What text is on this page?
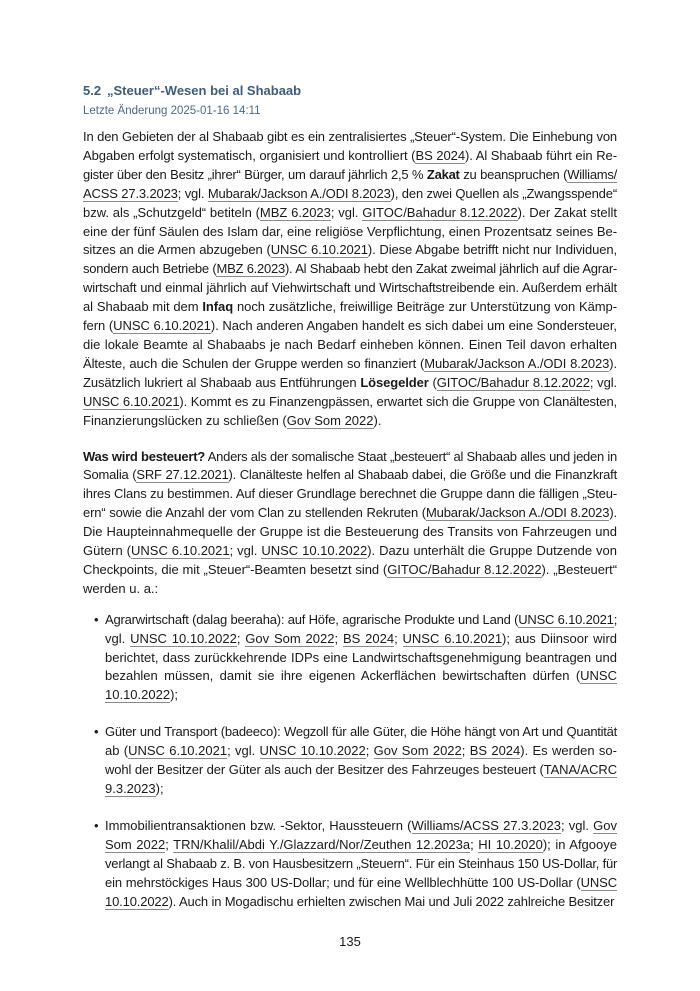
5.2 „Steuer“-Wesen bei al Shabaab
Letzte Änderung 2025-01-16 14:11
In den Gebieten der al Shabaab gibt es ein zentralisiertes „Steuer“-System. Die Einhebung von
Abgaben erfolgt systematisch, organisiert und kontrolliert (BS 2024). Al Shabaab führt ein Re-
gister über den Besitz „ihrer“ Bürger, um darauf jährlich 2,5 % Zakat zu beanspruchen (Williams/
ACSS 27.3.2023; vgl. Mubarak/Jackson A./ODI 8.2023), den zwei Quellen als „Zwangsspende“
bzw. als „Schutzgeld“ betiteln (MBZ 6.2023; vgl. GITOC/Bahadur 8.12.2022). Der Zakat stellt
eine der fünf Säulen des Islam dar, eine religiöse Verpflichtung, einen Prozentsatz seines Be-
sitzes an die Armen abzugeben (UNSC 6.10.2021). Diese Abgabe betrifft nicht nur Individuen,
sondern auch Betriebe (MBZ 6.2023). Al Shabaab hebt den Zakat zweimal jährlich auf die Agrar-
wirtschaft und einmal jährlich auf Viehwirtschaft und Wirtschaftstreibende ein. Außerdem erhält
al Shabaab mit dem Infaq noch zusätzliche, freiwillige Beiträge zur Unterstützung von Kämp-
fern (UNSC 6.10.2021). Nach anderen Angaben handelt es sich dabei um eine Sondersteuer,
die lokale Beamte al Shabaabs je nach Bedarf einheben können. Einen Teil davon erhalten
Älteste, auch die Schulen der Gruppe werden so finanziert (Mubarak/Jackson A./ODI 8.2023).
Zusätzlich lukriert al Shabaab aus Entführungen Lösegelder (GITOC/Bahadur 8.12.2022; vgl.
UNSC 6.10.2021). Kommt es zu Finanzengpässen, erwartet sich die Gruppe von Clanältesten,
Finanzierungslücken zu schließen (Gov Som 2022).
Was wird besteuert? Anders als der somalische Staat „besteuert“ al Shabaab alles und jeden in
Somalia (SRF 27.12.2021). Clanälteste helfen al Shabaab dabei, die Größe und die Finanzkraft
ihres Clans zu bestimmen. Auf dieser Grundlage berechnet die Gruppe dann die fälligen „Steu-
ern“ sowie die Anzahl der vom Clan zu stellenden Rekruten (Mubarak/Jackson A./ODI 8.2023).
Die Haupteinnahmequelle der Gruppe ist die Besteuerung des Transits von Fahrzeugen und
Gütern (UNSC 6.10.2021; vgl. UNSC 10.10.2022). Dazu unterhält die Gruppe Dutzende von
Checkpoints, die mit „Steuer“-Beamten besetzt sind (GITOC/Bahadur 8.12.2022). „Besteuert“
werden u. a.:
• Agrarwirtschaft (dalag beeraha): auf Höfe, agrarische Produkte und Land (UNSC 6.10.2021;
vgl. UNSC 10.10.2022; Gov Som 2022; BS 2024; UNSC 6.10.2021); aus Diinsoor wird
berichtet, dass zurückkehrende IDPs eine Landwirtschaftsgenehmigung beantragen und
bezahlen müssen, damit sie ihre eigenen Ackerflächen bewirtschaften dürfen (UNSC
10.10.2022);
• Güter und Transport (badeeco): Wegzoll für alle Güter, die Höhe hängt von Art und Quantität
ab (UNSC 6.10.2021; vgl. UNSC 10.10.2022; Gov Som 2022; BS 2024). Es werden so-
wohl der Besitzer der Güter als auch der Besitzer des Fahrzeuges besteuert (TANA/ACRC
9.3.2023);
• Immobilientransaktionen bzw. -Sektor, Haussteuern (Williams/ACSS 27.3.2023; vgl. Gov
Som 2022; TRN/Khalil/Abdi Y./Glazzard/Nor/Zeuthen 12.2023a; HI 10.2020); in Afgooye
verlangt al Shabaab z. B. von Hausbesitzern „Steuern“. Für ein Steinhaus 150 US-Dollar, für
ein mehrstöckiges Haus 300 US-Dollar; und für eine Wellblechhütte 100 US-Dollar (UNSC
10.10.2022). Auch in Mogadischu erhielten zwischen Mai und Juli 2022 zahlreiche Besitzer
135
